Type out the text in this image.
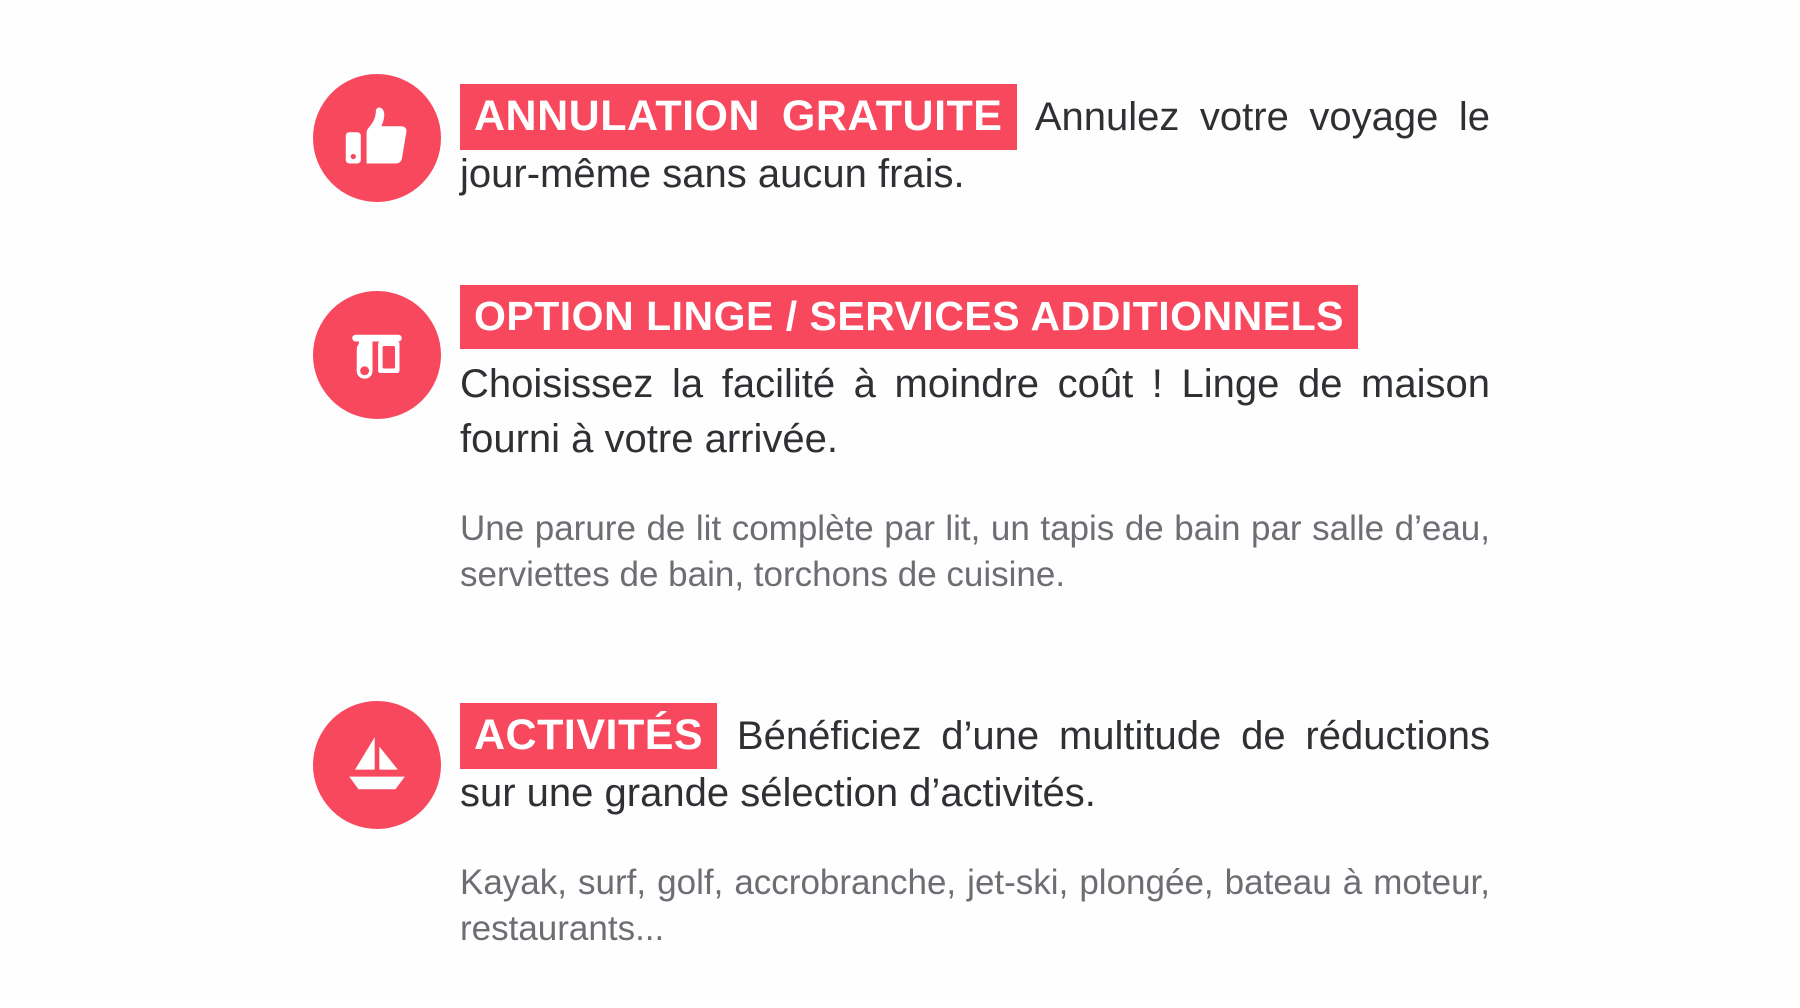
ANNULATION GRATUITE Annulez votre voyage le jour-même sans aucun frais.

OPTION LINGE / SERVICES ADDITIONNELS

Choisissez la facilité à moindre coût ! Linge de maison fourni à votre arrivée.

Une parure de lit complète par lit, un tapis de bain par salle d’eau, serviettes de bain, torchons de cuisine.

ACTIVITÉS Bénéficiez d’une multitude de réductions sur une grande sélection d’activités.

Kayak, surf, golf, accrobranche, jet-ski, plongée, bateau à moteur, restaurants...
